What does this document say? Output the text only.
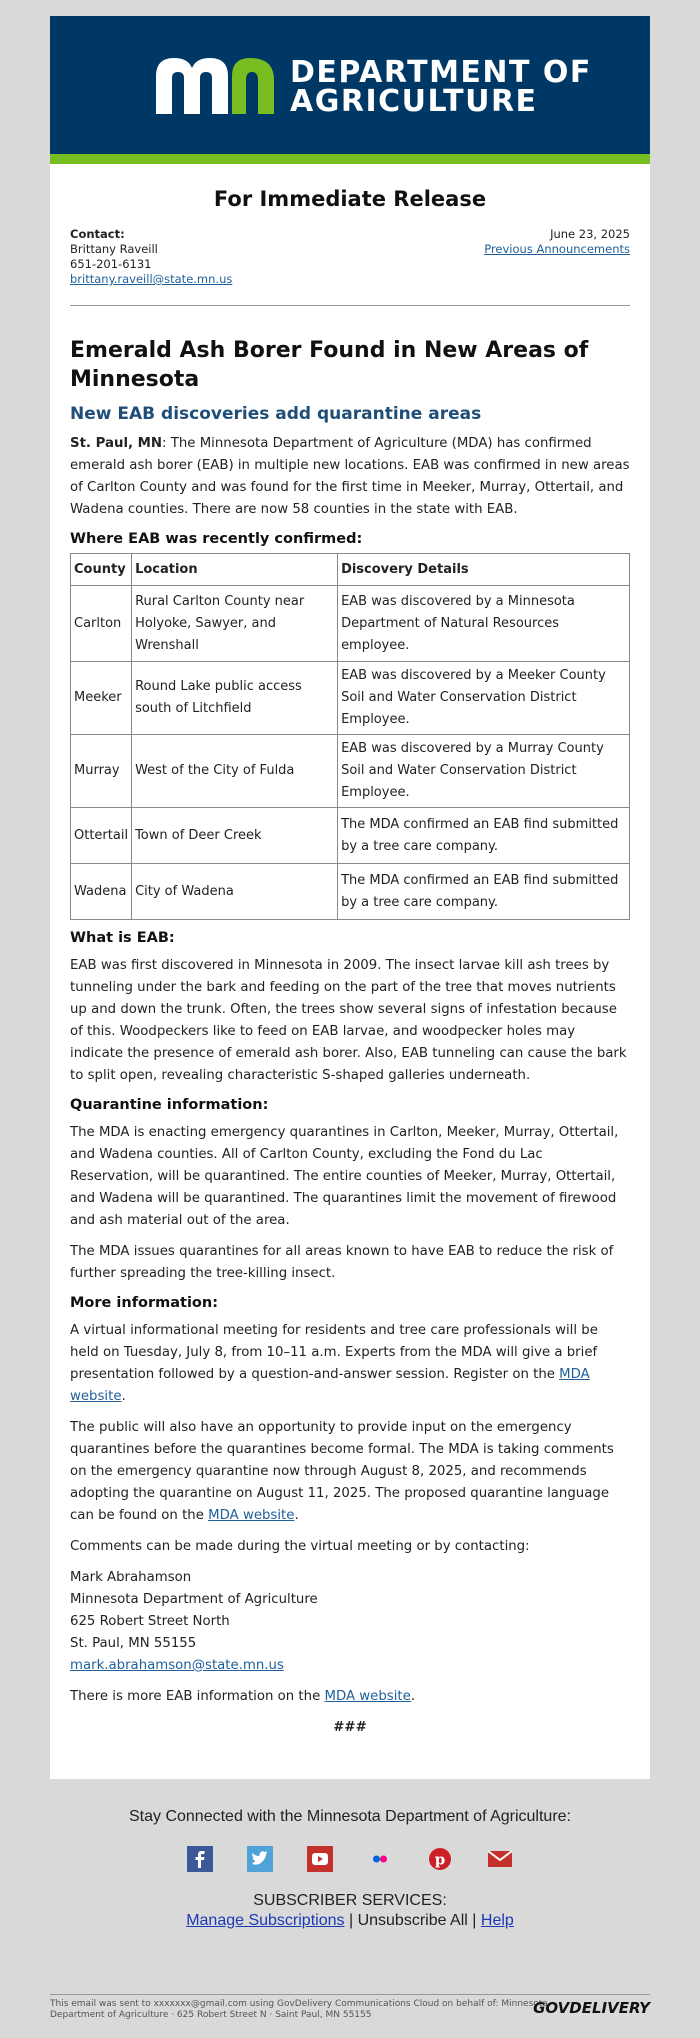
DEPARTMENT OF
AGRICULTURE
For Immediate Release
Contact:
Brittany Raveill
651-201-6131
brittany.raveill@state.mn.us
June 23, 2025
Previous Announcements
Emerald Ash Borer Found in New Areas of Minnesota
New EAB discoveries add quarantine areas

St. Paul, MN: The Minnesota Department of Agriculture (MDA) has confirmed emerald ash borer (EAB) in multiple new locations. EAB was confirmed in new areas of Carlton County and was found for the first time in Meeker, Murray, Ottertail, and Wadena counties. There are now 58 counties in the state with EAB.

Where EAB was recently confirmed:
County	Location	Discovery Details
Carlton	Rural Carlton County near Holyoke, Sawyer, and Wrenshall	EAB was discovered by a Minnesota Department of Natural Resources employee.
Meeker	Round Lake public access south of Litchfield	EAB was discovered by a Meeker County Soil and Water Conservation District Employee.
Murray	West of the City of Fulda	EAB was discovered by a Murray County Soil and Water Conservation District Employee.
Ottertail	Town of Deer Creek	The MDA confirmed an EAB find submitted by a tree care company.
Wadena	City of Wadena	The MDA confirmed an EAB find submitted by a tree care company.
What is EAB:

EAB was first discovered in Minnesota in 2009. The insect larvae kill ash trees by tunneling under the bark and feeding on the part of the tree that moves nutrients up and down the trunk. Often, the trees show several signs of infestation because of this. Woodpeckers like to feed on EAB larvae, and woodpecker holes may indicate the presence of emerald ash borer. Also, EAB tunneling can cause the bark to split open, revealing characteristic S-shaped galleries underneath.

Quarantine information:

The MDA is enacting emergency quarantines in Carlton, Meeker, Murray, Ottertail, and Wadena counties. All of Carlton County, excluding the Fond du Lac Reservation, will be quarantined. The entire counties of Meeker, Murray, Ottertail, and Wadena will be quarantined. The quarantines limit the movement of firewood and ash material out of the area.

The MDA issues quarantines for all areas known to have EAB to reduce the risk of further spreading the tree-killing insect.

More information:

A virtual informational meeting for residents and tree care professionals will be held on Tuesday, July 8, from 10–11 a.m. Experts from the MDA will give a brief presentation followed by a question-and-answer session. Register on the MDA website.

The public will also have an opportunity to provide input on the emergency quarantines before the quarantines become formal. The MDA is taking comments on the emergency quarantine now through August 8, 2025, and recommends adopting the quarantine on August 11, 2025. The proposed quarantine language can be found on the MDA website.

Comments can be made during the virtual meeting or by contacting:

Mark Abrahamson

Minnesota Department of Agriculture

625 Robert Street North

St. Paul, MN 55155

mark.abrahamson@state.mn.us

There is more EAB information on the MDA website.

###

Stay Connected with the Minnesota Department of Agriculture:
p
SUBSCRIBER SERVICES:
Manage Subscriptions | Unsubscribe All | Help
This email was sent to xxxxxxx@gmail.com using GovDelivery Communications Cloud on behalf of: Minnesota
Department of Agriculture · 625 Robert Street N · Saint Paul, MN 55155	GOVDELIVERY
